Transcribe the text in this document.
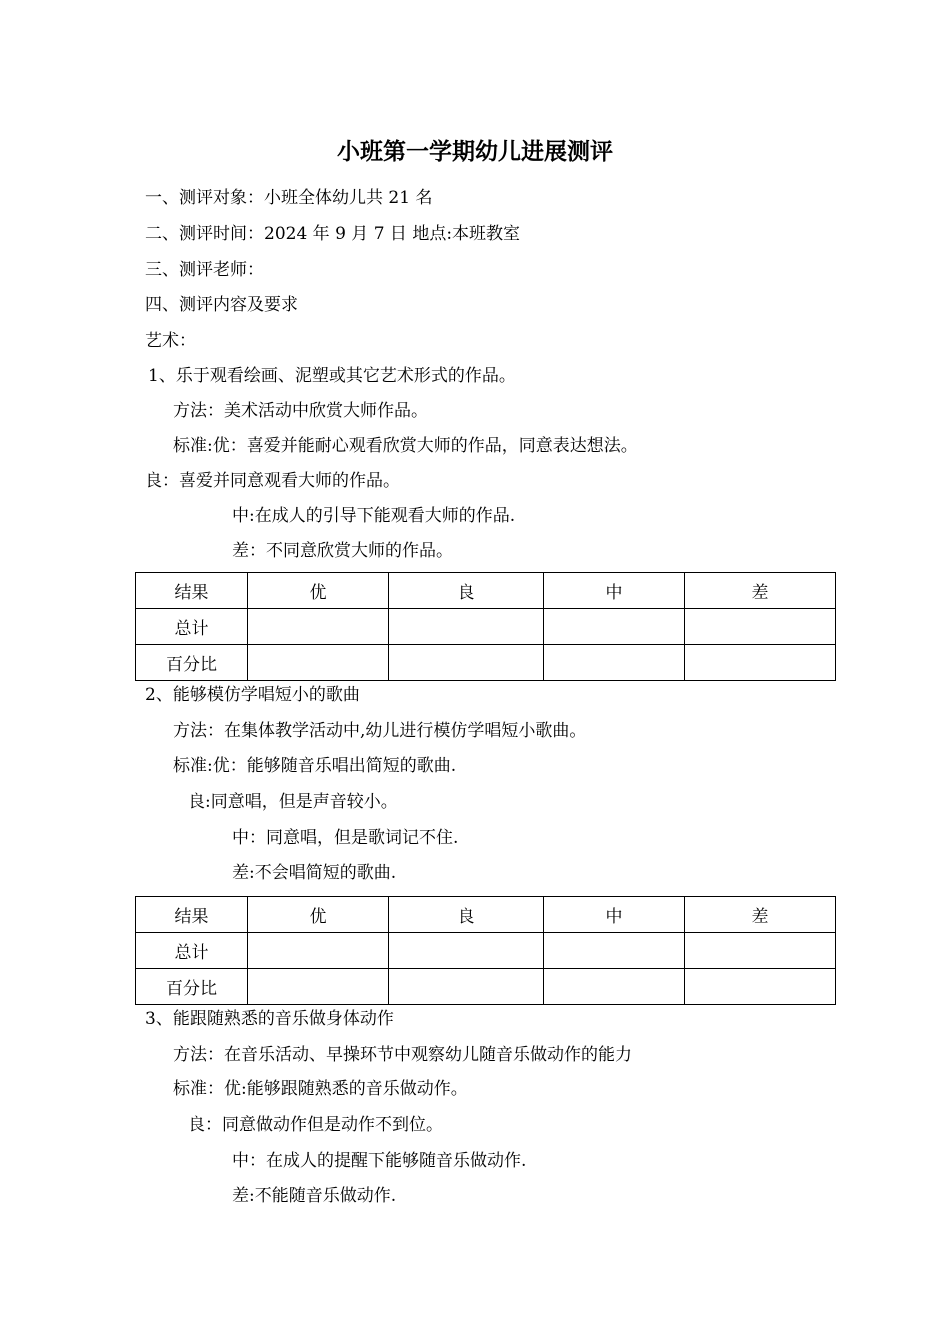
小班第一学期幼儿进展测评
一、测评对象：小班全体幼儿共 21 名
二、测评时间：2024 年 9 月 7 日 地点:本班教室
三、测评老师：
四、测评内容及要求
艺术：
1、乐于观看绘画、泥塑或其它艺术形式的作品。
方法：美术活动中欣赏大师作品。
标准:优：喜爱并能耐心观看欣赏大师的作品，同意表达想法。
良：喜爱并同意观看大师的作品。
中:在成人的引导下能观看大师的作品.
差：不同意欣赏大师的作品。
结果	优	良	中	差
总计				
百分比				
2、能够模仿学唱短小的歌曲
方法：在集体教学活动中,幼儿进行模仿学唱短小歌曲。
标准:优：能够随音乐唱出简短的歌曲.
良:同意唱，但是声音较小。
中：同意唱，但是歌词记不住.
差:不会唱简短的歌曲.
结果	优	良	中	差
总计				
百分比				
3、能跟随熟悉的音乐做身体动作
方法：在音乐活动、早操环节中观察幼儿随音乐做动作的能力
标准：优:能够跟随熟悉的音乐做动作。
良：同意做动作但是动作不到位。
中：在成人的提醒下能够随音乐做动作.
差:不能随音乐做动作.
